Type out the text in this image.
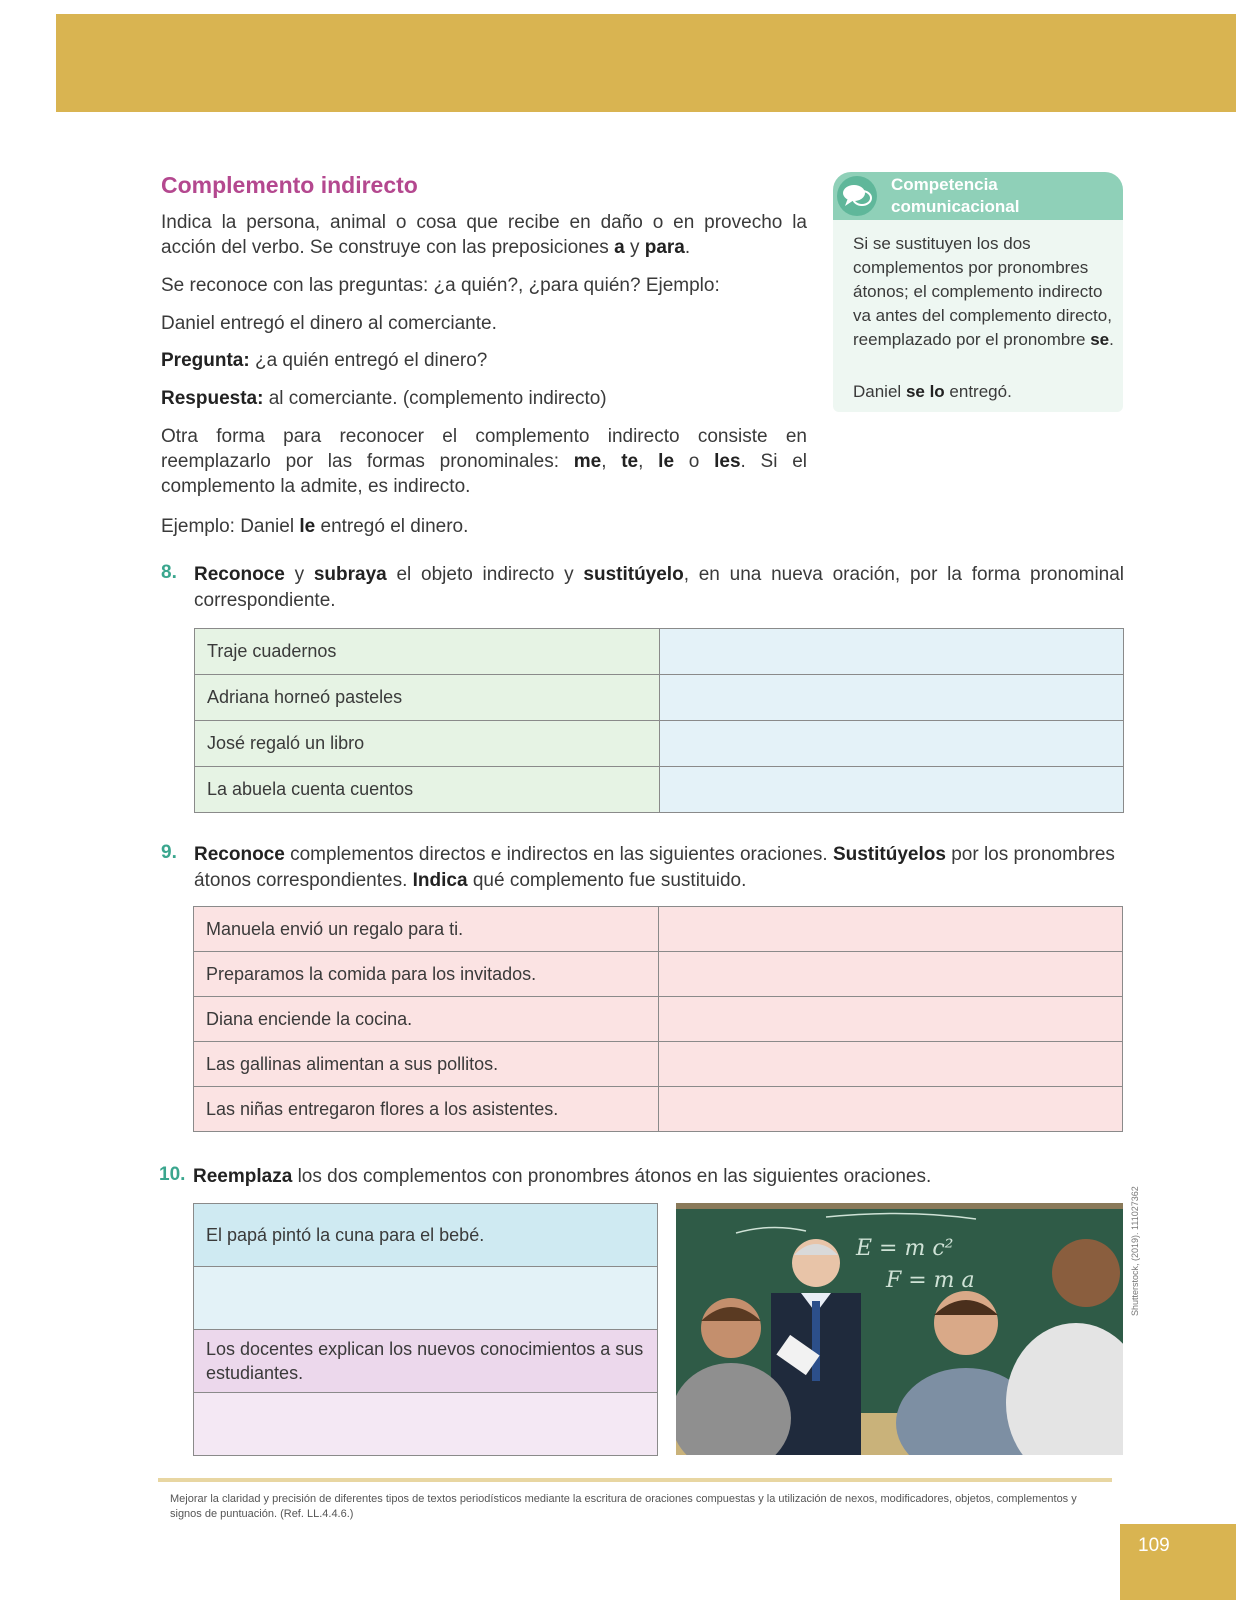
Complemento indirecto

Indica la persona, animal o cosa que recibe en daño o en provecho la acción del verbo. Se construye con las preposiciones a y para.

Se reconoce con las preguntas: ¿a quién?, ¿para quién? Ejemplo:

Daniel entregó el dinero al comerciante.

Pregunta: ¿a quién entregó el dinero?

Respuesta: al comerciante. (complemento indirecto)

Otra forma para reconocer el complemento indirecto consiste en reemplazarlo por las formas pronominales: me, te, le o les. Si el complemento la admite, es indirecto.

Ejemplo: Daniel le entregó el dinero.

Competencia
comunicacional

Si se sustituyen los dos complementos por pronombres átonos; el complemento indirecto va antes del complemento directo, reemplazado por el pronombre se.

Daniel se lo entregó.

8. Reconoce y subraya el objeto indirecto y sustitúyelo, en una nueva oración, por la forma pronominal correspondiente.

Traje cuadernos	
Adriana horneó pasteles	
José regaló un libro	
La abuela cuenta cuentos	
9. Reconoce complementos directos e indirectos en las siguientes oraciones. Sustitúyelos por los pronombres átonos correspondientes. Indica qué complemento fue sustituido.

Manuela envió un regalo para ti.	
Preparamos la comida para los invitados.	
Diana enciende la cocina.	
Las gallinas alimentan a sus pollitos.	
Las niñas entregaron flores a los asistentes.	
10. Reemplaza los dos complementos con pronombres átonos en las siguientes oraciones.

El papá pintó la cuna para el bebé.

Los docentes explican los nuevos conocimientos a sus estudiantes.

E = m c²
F = m a	Shutterstock, (2019). 111027362
Mejorar la claridad y precisión de diferentes tipos de textos periodísticos mediante la escritura de oraciones compuestas y la utilización de nexos, modificadores, objetos, complementos y signos de puntuación. (Ref. LL.4.4.6.)
109
